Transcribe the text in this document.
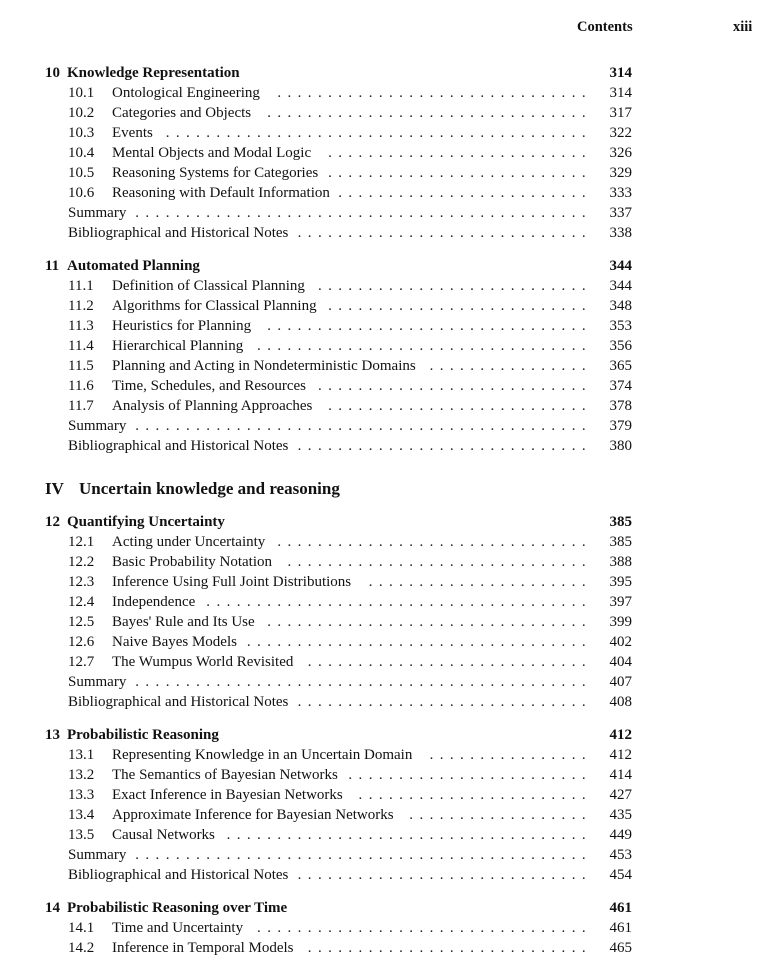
Contents	xiii
10 Knowledge Representation	314
10.1 Ontological Engineering ............................... 314
10.2 Categories and Objects ................................ 317
10.3 Events .......................................... 322
10.4 Mental Objects and Modal Logic .......................... 326
10.5 Reasoning Systems for Categories .......................... 329
10.6 Reasoning with Default Information ......................... 333
Summary ............................................. 337
Bibliographical and Historical Notes ............................. 338
11 Automated Planning	344
11.1 Definition of Classical Planning ........................... 344
11.2 Algorithms for Classical Planning .......................... 348
11.3 Heuristics for Planning ................................ 353
11.4 Hierarchical Planning ................................. 356
11.5 Planning and Acting in Nondeterministic Domains ................ 365
11.6 Time, Schedules, and Resources ........................... 374
11.7 Analysis of Planning Approaches .......................... 378
Summary ............................................. 379
Bibliographical and Historical Notes ............................. 380
IV Uncertain knowledge and reasoning
12 Quantifying Uncertainty	385
12.1 Acting under Uncertainty ............................... 385
12.2 Basic Probability Notation .............................. 388
12.3 Inference Using Full Joint Distributions ...................... 395
12.4 Independence ...................................... 397
12.5 Bayes' Rule and Its Use ................................ 399
12.6 Naive Bayes Models .................................. 402
12.7 The Wumpus World Revisited ............................ 404
Summary ............................................. 407
Bibliographical and Historical Notes ............................. 408
13 Probabilistic Reasoning	412
13.1 Representing Knowledge in an Uncertain Domain ................ 412
13.2 The Semantics of Bayesian Networks ........................ 414
13.3 Exact Inference in Bayesian Networks ....................... 427
13.4 Approximate Inference for Bayesian Networks .................. 435
13.5 Causal Networks .................................... 449
Summary ............................................. 453
Bibliographical and Historical Notes ............................. 454
14 Probabilistic Reasoning over Time	461
14.1 Time and Uncertainty ................................. 461
14.2 Inference in Temporal Models ............................ 465
